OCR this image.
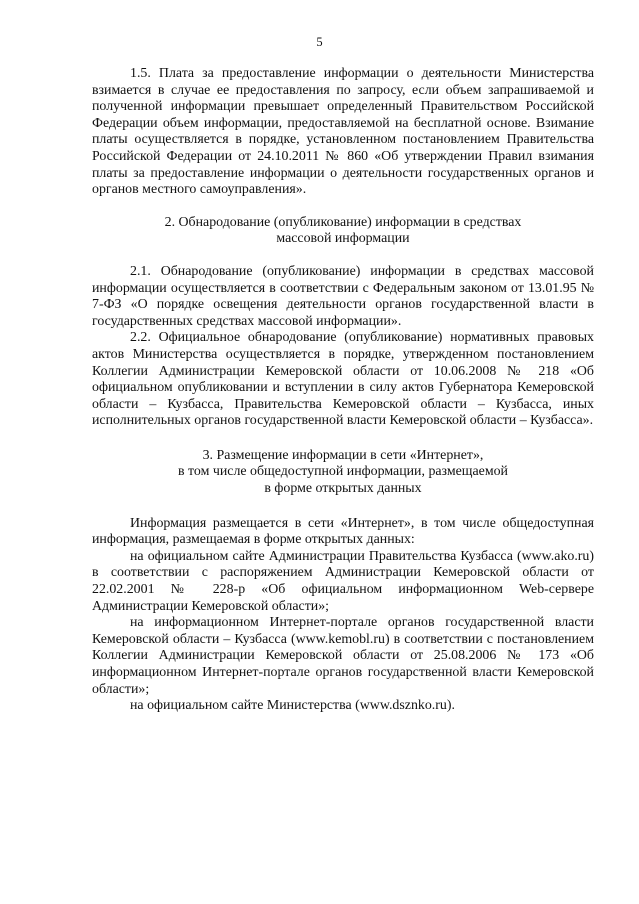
5

1.5. Плата за предоставление информации о деятельности Министерства взимается в случае ее предоставления по запросу, если объем запрашиваемой и полученной информации превышает определенный Правительством Российской Федерации объем информации, предоставляемой на бесплатной основе. Взимание платы осуществляется в порядке, установленном постановлением Правительства Российской Федерации от 24.10.2011 № 860 «Об утверждении Правил взимания платы за предоставление информации о деятельности государственных органов и органов местного самоуправления».

2. Обнародование (опубликование) информации в средствах

массовой информации

2.1. Обнародование (опубликование) информации в средствах массовой информации осуществляется в соответствии с Федеральным законом от 13.01.95 № 7-ФЗ «О порядке освещения деятельности органов государственной власти в государственных средствах массовой информации».

2.2. Официальное обнародование (опубликование) нормативных правовых актов Министерства осуществляется в порядке, утвержденном постановлением Коллегии Администрации Кемеровской области от 10.06.2008 № 218 «Об официальном опубликовании и вступлении в силу актов Губернатора Кемеровской области – Кузбасса, Правительства Кемеровской области – Кузбасса, иных исполнительных органов государственной власти Кемеровской области – Кузбасса».

3. Размещение информации в сети «Интернет»,

в том числе общедоступной информации, размещаемой

в форме открытых данных

Информация размещается в сети «Интернет», в том числе общедоступная информация, размещаемая в форме открытых данных:

на официальном сайте Администрации Правительства Кузбасса (www.ako.ru) в соответствии с распоряжением Администрации Кемеровской области от 22.02.2001 № 228-р «Об официальном информационном Web-сервере Администрации Кемеровской области»;

на информационном Интернет-портале органов государственной власти Кемеровской области – Кузбасса (www.kemobl.ru) в соответствии с постановлением Коллегии Администрации Кемеровской области от 25.08.2006 № 173 «Об информационном Интернет-портале органов государственной власти Кемеровской области»;

на официальном сайте Министерства (www.dsznko.ru).
